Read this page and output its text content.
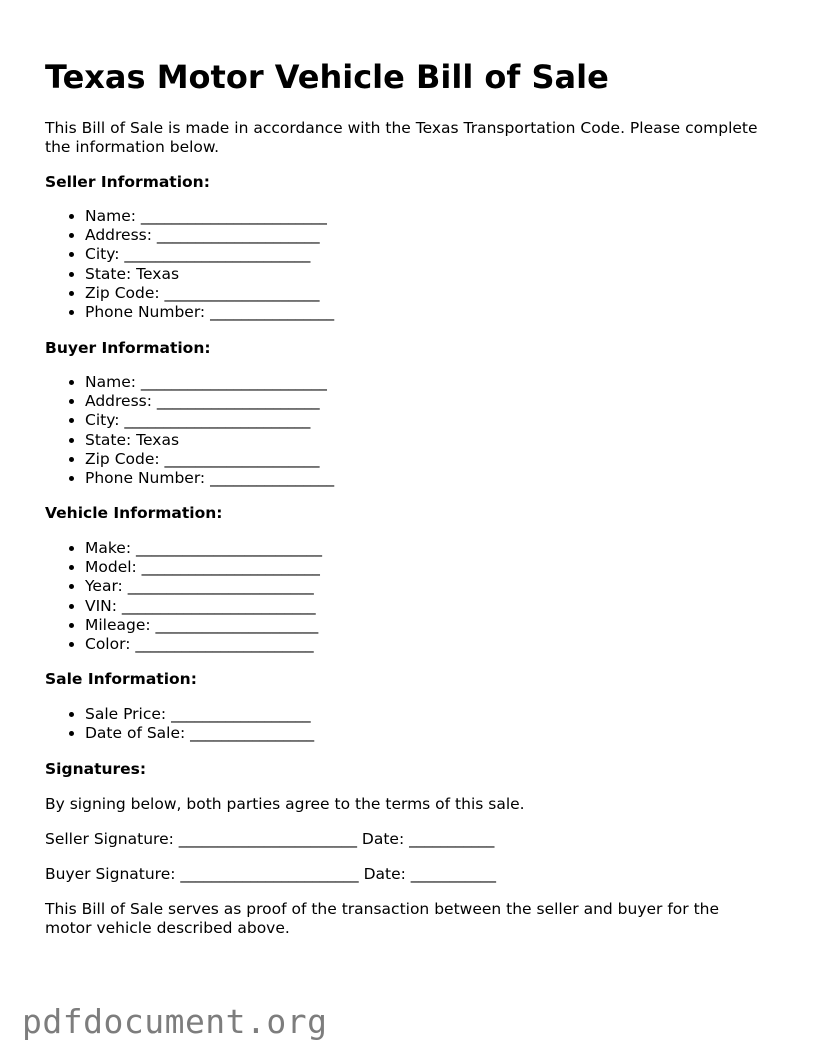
Texas Motor Vehicle Bill of Sale

This Bill of Sale is made in accordance with the Texas Transportation Code. Please complete the information below.

Seller Information:

• Name: ________________________
• Address: _____________________
• City: ________________________
• State: Texas
• Zip Code: ____________________
• Phone Number: ________________

Buyer Information:

• Name: ________________________
• Address: _____________________
• City: ________________________
• State: Texas
• Zip Code: ____________________
• Phone Number: ________________

Vehicle Information:

• Make: ________________________
• Model: _______________________
• Year: ________________________
• VIN: _________________________
• Mileage: _____________________
• Color: _______________________

Sale Information:

• Sale Price: __________________
• Date of Sale: ________________

Signatures:

By signing below, both parties agree to the terms of this sale.

Seller Signature: _______________________ Date: ___________

Buyer Signature: _______________________ Date: ___________

This Bill of Sale serves as proof of the transaction between the seller and buyer for the motor vehicle described above.

pdfdocument.org
